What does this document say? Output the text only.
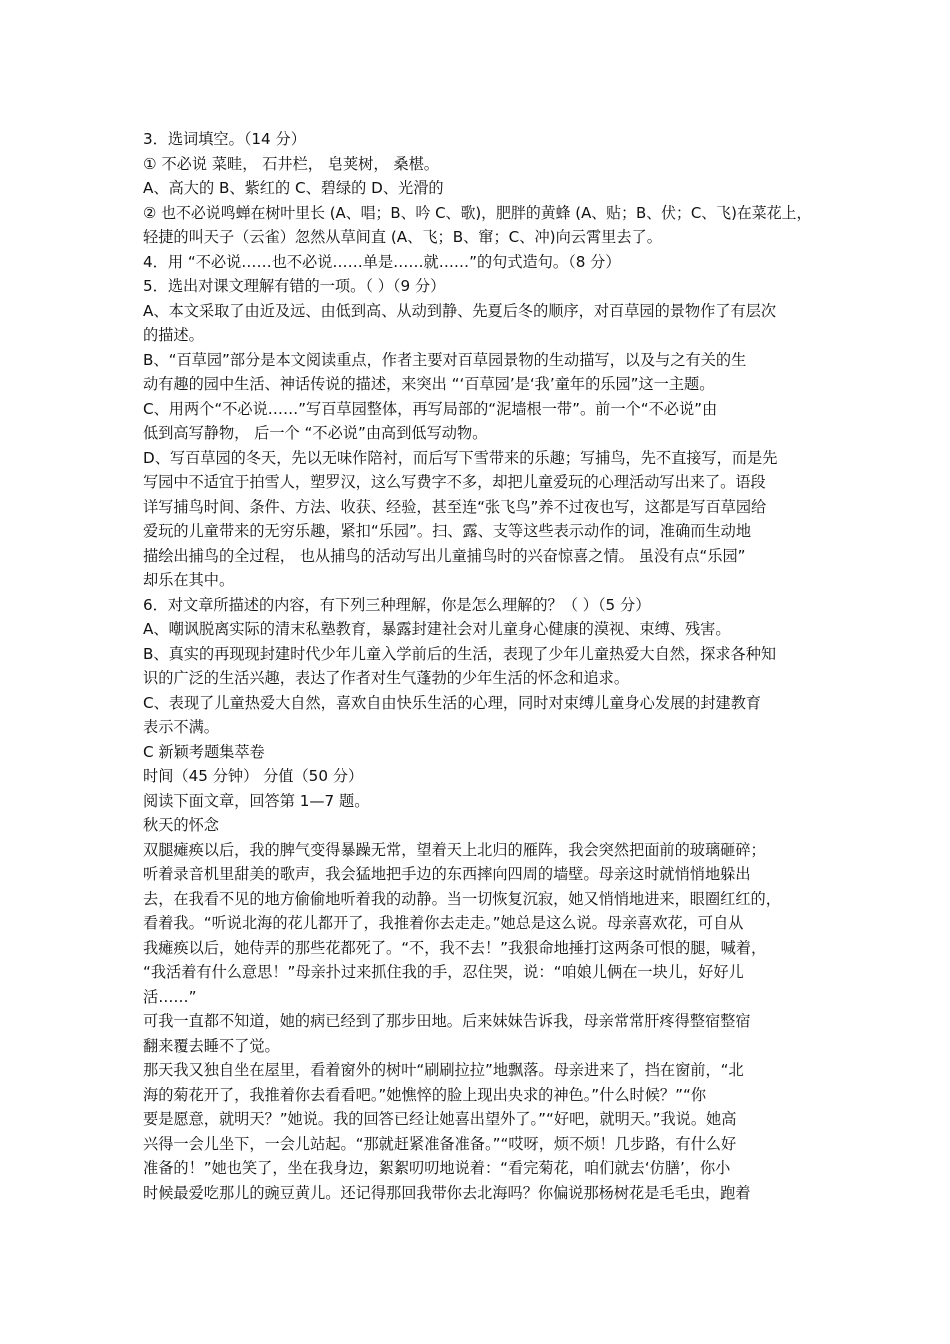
3．选词填空。（14 分）
① 不必说 菜畦， 石井栏， 皂荚树， 桑椹。
A、高大的 B、紫红的 C、碧绿的 D、光滑的
② 也不必说鸣蝉在树叶里长 (A、唱；B、吟 C、歌)，肥胖的黄蜂 (A、贴；B、伏；C、飞)在菜花上，
轻捷的叫天子（云雀）忽然从草间直 (A、飞；B、窜；C、冲)向云霄里去了。
4．用 “不必说……也不必说……单是……就……”的句式造句。（8 分）
5．选出对课文理解有错的一项。（ ）（9 分）
A、本文采取了由近及远、由低到高、从动到静、先夏后冬的顺序，对百草园的景物作了有层次
的描述。
B、“百草园”部分是本文阅读重点，作者主要对百草园景物的生动描写，以及与之有关的生
动有趣的园中生活、神话传说的描述，来突出 “‘百草园’是‘我’童年的乐园”这一主题。
C、用两个“不必说……”写百草园整体，再写局部的“泥墙根一带”。前一个“不必说”由
低到高写静物， 后一个 “不必说”由高到低写动物。
D、写百草园的冬天，先以无味作陪衬，而后写下雪带来的乐趣；写捕鸟，先不直接写，而是先
写园中不适宜于拍雪人，塑罗汉，这么写费字不多，却把儿童爱玩的心理活动写出来了。语段
详写捕鸟时间、条件、方法、收获、经验，甚至连“张飞鸟”养不过夜也写，这都是写百草园给
爱玩的儿童带来的无穷乐趣，紧扣“乐园”。扫、露、支等这些表示动作的词，准确而生动地
描绘出捕鸟的全过程， 也从捕鸟的活动写出儿童捕鸟时的兴奋惊喜之情。 虽没有点“乐园”
却乐在其中。
6．对文章所描述的内容，有下列三种理解，你是怎么理解的？（ ）（5 分）
A、嘲讽脱离实际的清末私塾教育，暴露封建社会对儿童身心健康的漠视、束缚、残害。
B、真实的再现现封建时代少年儿童入学前后的生活，表现了少年儿童热爱大自然，探求各种知
识的广泛的生活兴趣，表达了作者对生气蓬勃的少年生活的怀念和追求。
C、表现了儿童热爱大自然，喜欢自由快乐生活的心理，同时对束缚儿童身心发展的封建教育
表示不满。
C 新颖考题集萃卷
时间（45 分钟） 分值（50 分）
阅读下面文章，回答第 1—7 题。
秋天的怀念
双腿瘫痪以后，我的脾气变得暴躁无常，望着天上北归的雁阵，我会突然把面前的玻璃砸碎；
听着录音机里甜美的歌声，我会猛地把手边的东西摔向四周的墙壁。母亲这时就悄悄地躲出
去，在我看不见的地方偷偷地听着我的动静。当一切恢复沉寂，她又悄悄地进来，眼圈红红的，
看着我。“听说北海的花儿都开了，我推着你去走走。”她总是这么说。母亲喜欢花，可自从
我瘫痪以后，她侍弄的那些花都死了。“不，我不去！”我狠命地捶打这两条可恨的腿，喊着，
“我活着有什么意思！”母亲扑过来抓住我的手，忍住哭，说：“咱娘儿俩在一块儿，好好儿
活……”
可我一直都不知道，她的病已经到了那步田地。后来妹妹告诉我，母亲常常肝疼得整宿整宿
翻来覆去睡不了觉。
那天我又独自坐在屋里，看着窗外的树叶“刷刷拉拉”地飘落。母亲进来了，挡在窗前，“北
海的菊花开了，我推着你去看看吧。”她憔悴的脸上现出央求的神色。”什么时候？”“你
要是愿意，就明天？”她说。我的回答已经让她喜出望外了。”“好吧，就明天。”我说。她高
兴得一会儿坐下，一会儿站起。“那就赶紧准备准备。”“哎呀，烦不烦！几步路，有什么好
准备的！”她也笑了，坐在我身边，絮絮叨叨地说着：“看完菊花，咱们就去‘仿膳’，你小
时候最爱吃那儿的豌豆黄儿。还记得那回我带你去北海吗？你偏说那杨树花是毛毛虫，跑着
